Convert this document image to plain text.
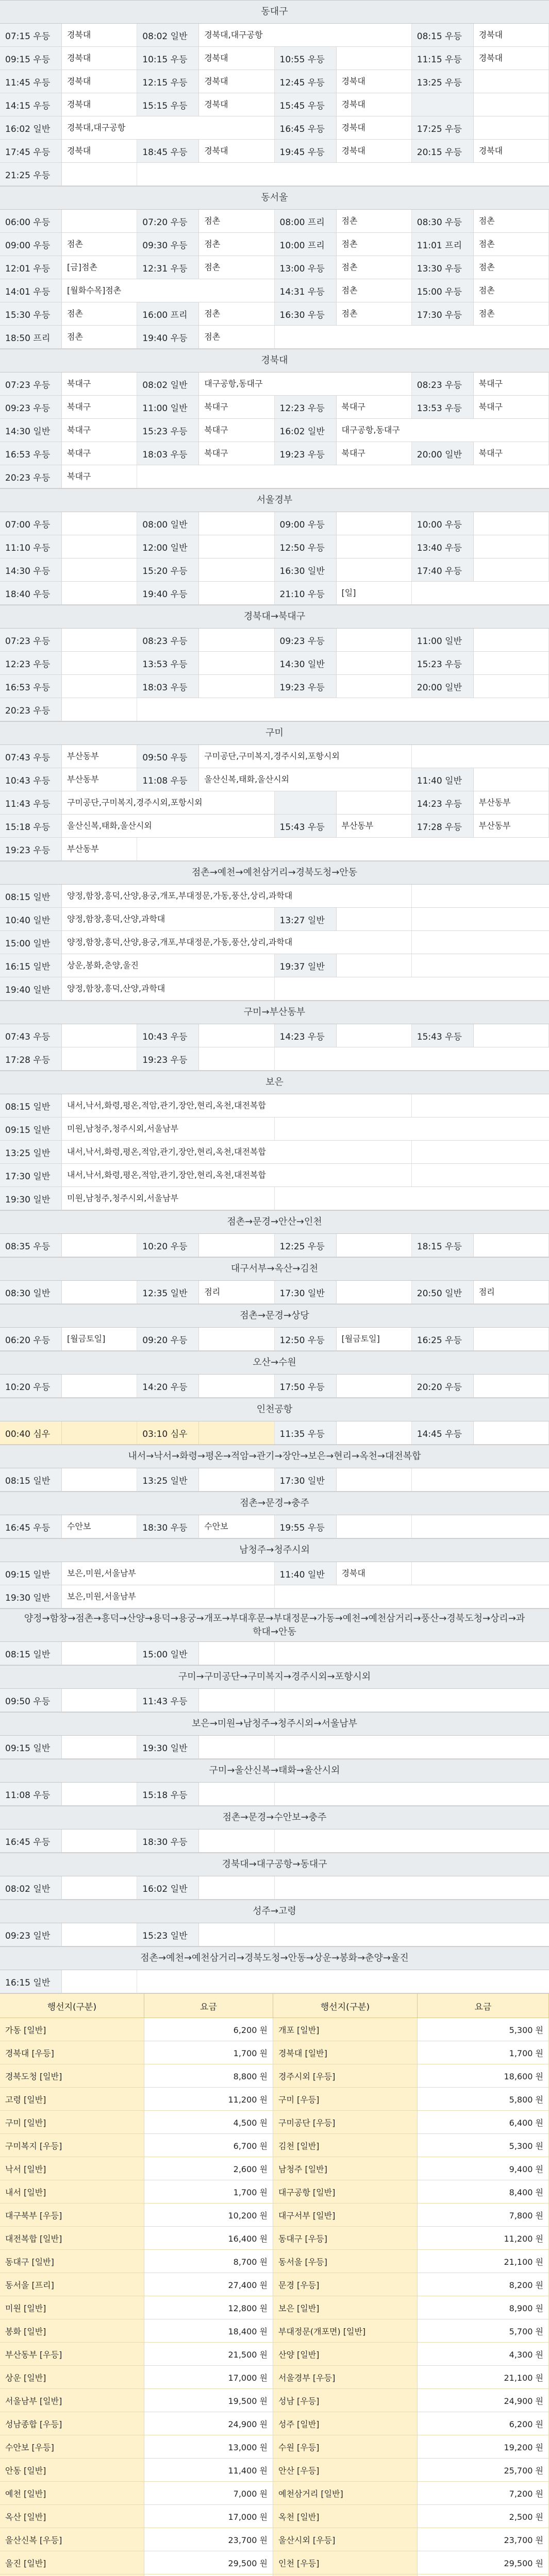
동대구
07:15 우등	경북대	08:02 일반	경북대,대구공항	08:15 우등	경북대
09:15 우등	경북대	10:15 우등	경북대	10:55 우등	11:15 우등	경북대
11:45 우등	경북대	12:15 우등	경북대	12:45 우등	경북대	13:25 우등
14:15 우등	경북대	15:15 우등	경북대	15:45 우등	경북대
16:02 일반	경북대,대구공항	16:45 우등	경북대	17:25 우등
17:45 우등	경북대	18:45 우등	경북대	19:45 우등	경북대	20:15 우등	경북대
21:25 우등
동서울
06:00 우등	07:20 우등	점촌	08:00 프리	점촌	08:30 우등	점촌
09:00 우등	점촌	09:30 우등	점촌	10:00 프리	점촌	11:01 프리	점촌
12:01 우등	[금]점촌	12:31 우등	점촌	13:00 우등	점촌	13:30 우등	점촌
14:01 우등	[월화수목]점촌	14:31 우등	점촌	15:00 우등	점촌
15:30 우등	점촌	16:00 프리	점촌	16:30 우등	점촌	17:30 우등	점촌
18:50 프리	점촌	19:40 우등	점촌
경북대
07:23 우등	북대구	08:02 일반	대구공항,동대구	08:23 우등	북대구
09:23 우등	북대구	11:00 일반	북대구	12:23 우등	북대구	13:53 우등	북대구
14:30 일반	북대구	15:23 우등	북대구	16:02 일반	대구공항,동대구
16:53 우등	북대구	18:03 우등	북대구	19:23 우등	북대구	20:00 일반	북대구
20:23 우등	북대구
서울경부
07:00 우등	08:00 일반	09:00 우등	10:00 우등
11:10 우등	12:00 일반	12:50 우등	13:40 우등
14:30 우등	15:20 우등	16:30 일반	17:40 우등
18:40 우등	19:40 우등	21:10 우등	[일]
경북대→북대구
07:23 우등	08:23 우등	09:23 우등	11:00 일반
12:23 우등	13:53 우등	14:30 일반	15:23 우등
16:53 우등	18:03 우등	19:23 우등	20:00 일반
20:23 우등
구미
07:43 우등	부산동부	09:50 우등	구미공단,구미복지,경주시외,포항시외
10:43 우등	부산동부	11:08 우등	울산신복,태화,울산시외	11:40 일반
11:43 우등	구미공단,구미복지,경주시외,포항시외	14:23 우등	부산동부
15:18 우등	울산신복,태화,울산시외	15:43 우등	부산동부	17:28 우등	부산동부
19:23 우등	부산동부
점촌→예천→예천삼거리→경북도청→안동
08:15 일반	양정,함창,흥덕,산양,용궁,개포,부대정문,가동,풍산,상리,과학대
10:40 일반	양정,함창,흥덕,산양,과학대	13:27 일반
15:00 일반	양정,함창,흥덕,산양,용궁,개포,부대정문,가동,풍산,상리,과학대
16:15 일반	상운,봉화,춘양,울진	19:37 일반
19:40 일반	양정,함창,흥덕,산양,과학대
구미→부산동부
07:43 우등	10:43 우등	14:23 우등	15:43 우등
17:28 우등	19:23 우등
보은
08:15 일반	내서,낙서,화령,평온,적암,관기,장안,현리,옥천,대전복합
09:15 일반	미원,남청주,청주시외,서울남부
13:25 일반	내서,낙서,화령,평온,적암,관기,장안,현리,옥천,대전복합
17:30 일반	내서,낙서,화령,평온,적암,관기,장안,현리,옥천,대전복합
19:30 일반	미원,남청주,청주시외,서울남부
점촌→문경→안산→인천
08:35 우등	10:20 우등	12:25 우등	18:15 우등
대구서부→옥산→김천
08:30 일반	12:35 일반	점리	17:30 일반	20:50 일반	점리
점촌→문경→상당
06:20 우등	[월금토일]	09:20 우등	12:50 우등	[월금토일]	16:25 우등
오산→수원
10:20 우등	14:20 우등	17:50 우등	20:20 우등
인천공항
00:40 심우	03:10 심우	11:35 우등	14:45 우등
내서→낙서→화령→평온→적암→관기→장안→보은→현리→옥천→대전복합
08:15 일반	13:25 일반	17:30 일반
점촌→문경→충주
16:45 우등	수안보	18:30 우등	수안보	19:55 우등
남청주→청주시외
09:15 일반	보은,미원,서울남부	11:40 일반	경북대
19:30 일반	보은,미원,서울남부
양정→함창→점촌→흥덕→산양→용덕→용궁→개포→부대후문→부대정문→가동→예천→예천삼거리→풍산→경북도청→상리→과학대→안동
08:15 일반	15:00 일반
구미→구미공단→구미복지→경주시외→포항시외
09:50 우등	11:43 우등
보은→미원→남청주→청주시외→서울남부
09:15 일반	19:30 일반
구미→울산신복→태화→울산시외
11:08 우등	15:18 우등
점촌→문경→수안보→충주
16:45 우등	18:30 우등
경북대→대구공항→동대구
08:02 일반	16:02 일반
성주→고령
09:23 일반	15:23 일반
점촌→예천→예천삼거리→경북도청→안동→상운→봉화→춘양→울진
16:15 일반
행선지(구분)	요금	행선지(구분)	요금
가동 [일반]	6,200 원	개포 [일반]	5,300 원
경북대 [우등]	1,700 원	경북대 [일반]	1,700 원
경북도청 [일반]	8,800 원	경주시외 [우등]	18,600 원
고령 [일반]	11,200 원	구미 [우등]	5,800 원
구미 [일반]	4,500 원	구미공단 [우등]	6,400 원
구미복지 [우등]	6,700 원	김천 [일반]	5,300 원
낙서 [일반]	2,600 원	남청주 [일반]	9,400 원
내서 [일반]	1,700 원	대구공항 [일반]	8,400 원
대구북부 [우등]	10,200 원	대구서부 [일반]	7,800 원
대전복합 [일반]	16,400 원	동대구 [우등]	11,200 원
동대구 [일반]	8,700 원	동서울 [우등]	21,100 원
동서울 [프리]	27,400 원	문경 [우등]	8,200 원
미원 [일반]	12,800 원	보은 [일반]	8,900 원
봉화 [일반]	18,400 원	부대정문(개포면) [일반]	5,700 원
부산동부 [우등]	21,500 원	산양 [일반]	4,300 원
상운 [일반]	17,000 원	서울경부 [우등]	21,100 원
서울남부 [일반]	19,500 원	성남 [우등]	24,900 원
성남종합 [우등]	24,900 원	성주 [일반]	6,200 원
수안보 [우등]	13,000 원	수원 [우등]	19,200 원
안동 [일반]	11,400 원	안산 [우등]	25,700 원
예천 [일반]	7,000 원	예천삼거리 [일반]	7,200 원
옥산 [일반]	17,000 원	옥천 [일반]	2,500 원
울산신복 [우등]	23,700 원	울산시외 [우등]	23,700 원
울진 [일반]	29,500 원	인천 [우등]	29,500 원
